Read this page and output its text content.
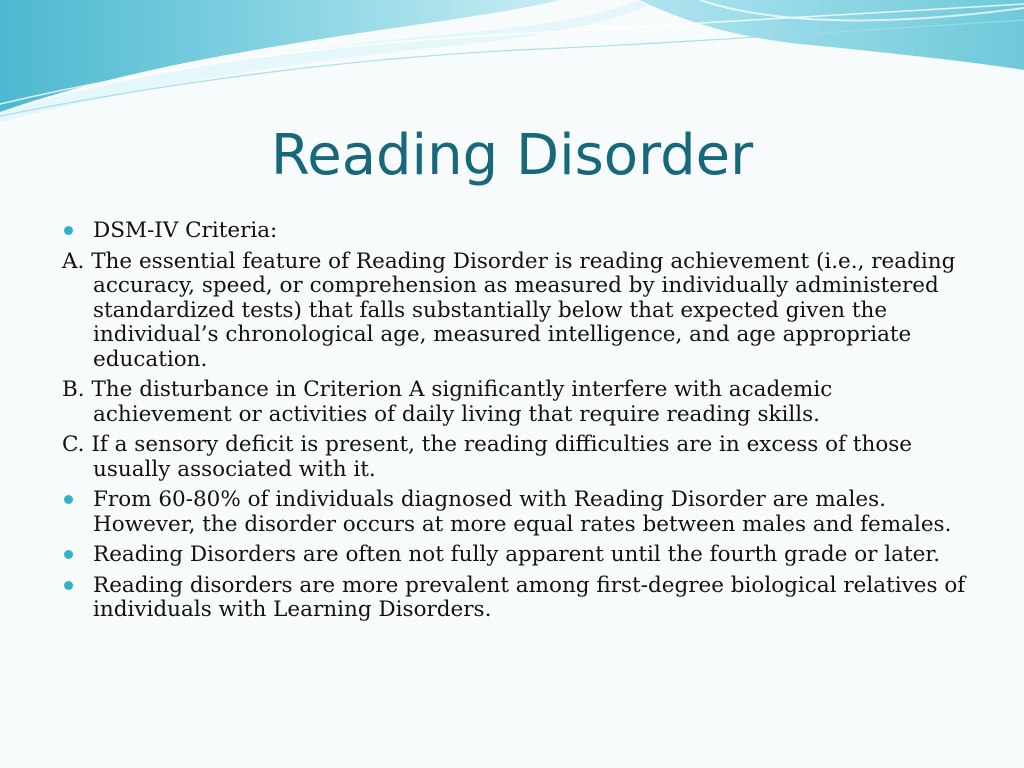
Reading Disorder
DSM-IV Criteria:
A. The essential feature of Reading Disorder is reading achievement (i.e., reading accuracy, speed, or comprehension as measured by individually administered standardized tests) that falls substantially below that expected given the individual’s chronological age, measured intelligence, and age appropriate education.
B. The disturbance in Criterion A significantly interfere with academic achievement or activities of daily living that require reading skills.
C. If a sensory deficit is present, the reading difficulties are in excess of those usually associated with it.
From 60-80% of individuals diagnosed with Reading Disorder are males. However, the disorder occurs at more equal rates between males and females.
Reading Disorders are often not fully apparent until the fourth grade or later.
Reading disorders are more prevalent among first-degree biological relatives of individuals with Learning Disorders.
